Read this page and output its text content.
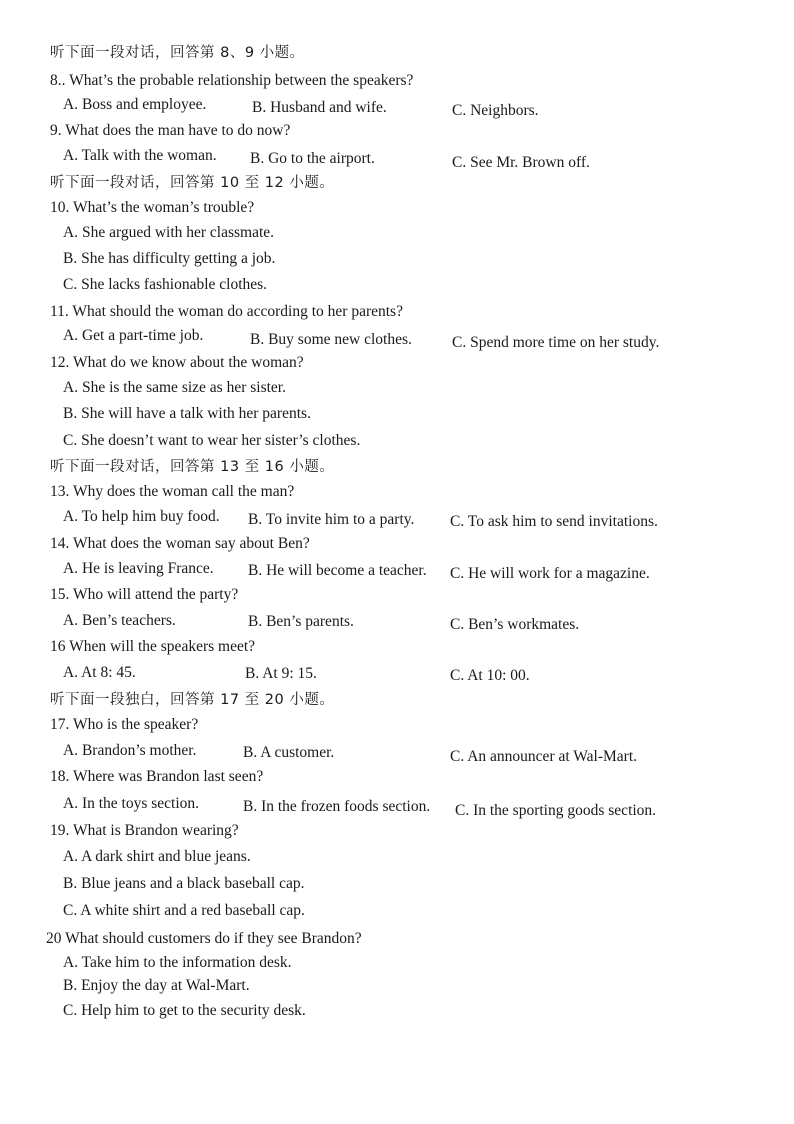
听下面一段对话，回答第 8、9 小题。
8.. What’s the probable relationship between the speakers?
A. Boss and employee.	B. Husband and wife.	C. Neighbors.
9. What does the man have to do now?
A. Talk with the woman. B. Go to the airport.	C. See Mr. Brown off.
听下面一段对话，回答第 10 至 12 小题。
10. What’s the woman’s trouble?
A. She argued with her classmate.
B. She has difficulty getting a job.
C. She lacks fashionable clothes.
11. What should the woman do according to her parents?
A. Get a part-time job.	B. Buy some new clothes.	C. Spend more time on her study.
12. What do we know about the woman?
A. She is the same size as her sister.
B. She will have a talk with her parents.
C. She doesn’t want to wear her sister’s clothes.
听下面一段对话，回答第 13 至 16 小题。
13. Why does the woman call the man?
A. To help him buy food. B. To invite him to a party. C. To ask him to send invitations.
14. What does the woman say about Ben?
A. He is leaving France. B. He will become a teacher. C. He will work for a magazine.
15. Who will attend the party?
A. Ben’s teachers.	B. Ben’s parents.	C. Ben’s workmates.
16 When will the speakers meet?
A. At 8: 45.	B. At 9: 15.	C. At 10: 00.
听下面一段独白，回答第 17 至 20 小题。
17. Who is the speaker?
A. Brandon’s mother.	B. A customer.	C. An announcer at Wal-Mart.
18. Where was Brandon last seen?
A. In the toys section.	B. In the frozen foods section. C. In the sporting goods section.
19. What is Brandon wearing?
A. A dark shirt and blue jeans.
B. Blue jeans and a black baseball cap.
C. A white shirt and a red baseball cap.
20 What should customers do if they see Brandon?
A. Take him to the information desk.
B. Enjoy the day at Wal-Mart.
C. Help him to get to the security desk.
